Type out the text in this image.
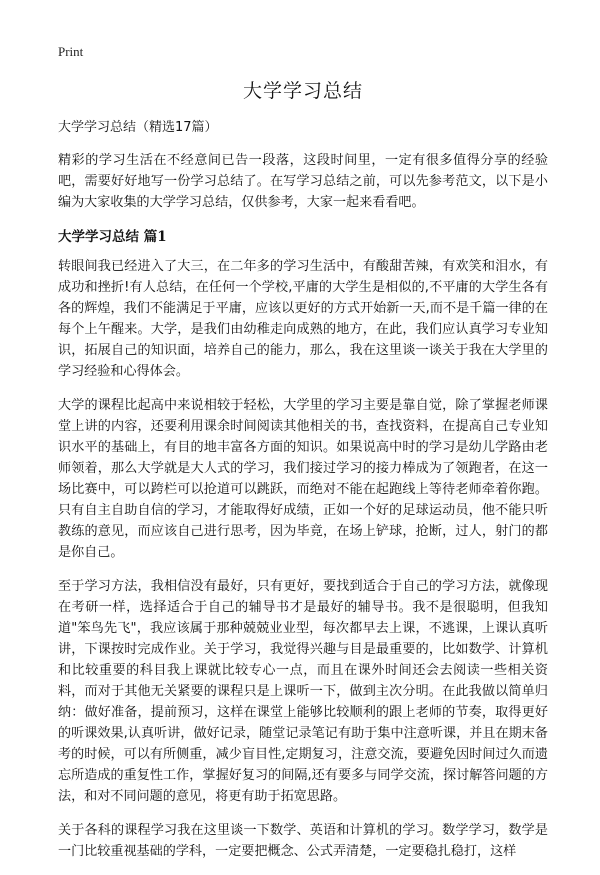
Print
大学学习总结
大学学习总结（精选17篇）

精彩的学习生活在不经意间已告一段落，这段时间里，一定有很多值得分享的经验吧，需要好好地写一份学习总结了。在写学习总结之前，可以先参考范文，以下是小编为大家收集的大学学习总结，仅供参考，大家一起来看看吧。

大学学习总结 篇1

转眼间我已经进入了大三，在二年多的学习生活中，有酸甜苦辣，有欢笑和泪水，有成功和挫折!有人总结，在任何一个学校,平庸的大学生是相似的,不平庸的大学生各有各的辉煌，我们不能满足于平庸，应该以更好的方式开始新一天,而不是千篇一律的在每个上午醒来。大学，是我们由幼稚走向成熟的地方，在此，我们应认真学习专业知识，拓展自己的知识面，培养自己的能力，那么，我在这里谈一谈关于我在大学里的学习经验和心得体会。

大学的课程比起高中来说相较于轻松，大学里的学习主要是靠自觉，除了掌握老师课堂上讲的内容，还要利用课余时间阅读其他相关的书，查找资料，在提高自己专业知识水平的基础上，有目的地丰富各方面的知识。如果说高中时的学习是幼儿学路由老师领着，那么大学就是大人式的学习，我们接过学习的接力棒成为了领跑者，在这一场比赛中，可以跨栏可以抢道可以跳跃，而绝对不能在起跑线上等待老师牵着你跑。只有自主自助自信的学习，才能取得好成绩，正如一个好的足球运动员，他不能只听教练的意见，而应该自己进行思考，因为毕竟，在场上铲球，抢断，过人，射门的都是你自己。

至于学习方法，我相信没有最好，只有更好，要找到适合于自己的学习方法，就像现在考研一样，选择适合于自己的辅导书才是最好的辅导书。我不是很聪明，但我知道"笨鸟先飞"，我应该属于那种兢兢业业型，每次都早去上课，不逃课，上课认真听讲，下课按时完成作业。关于学习，我觉得兴趣与目是最重要的，比如数学、计算机和比较重要的科目我上课就比较专心一点，而且在课外时间还会去阅读一些相关资料，而对于其他无关紧要的课程只是上课听一下，做到主次分明。在此我做以简单归纳：做好准备，提前预习，这样在课堂上能够比较顺利的跟上老师的节奏，取得更好的听课效果,认真听讲，做好记录，随堂记录笔记有助于集中注意听课，并且在期末备考的时候，可以有所侧重，减少盲目性,定期复习，注意交流，要避免因时间过久而遗忘所造成的重复性工作，掌握好复习的间隔,还有要多与同学交流，探讨解答问题的方法，和对不同问题的意见，将更有助于拓宽思路。

关于各科的课程学习我在这里谈一下数学、英语和计算机的学习。数学学习，数学是一门比较重视基础的学科，一定要把概念、公式弄清楚，一定要稳扎稳打，这样
